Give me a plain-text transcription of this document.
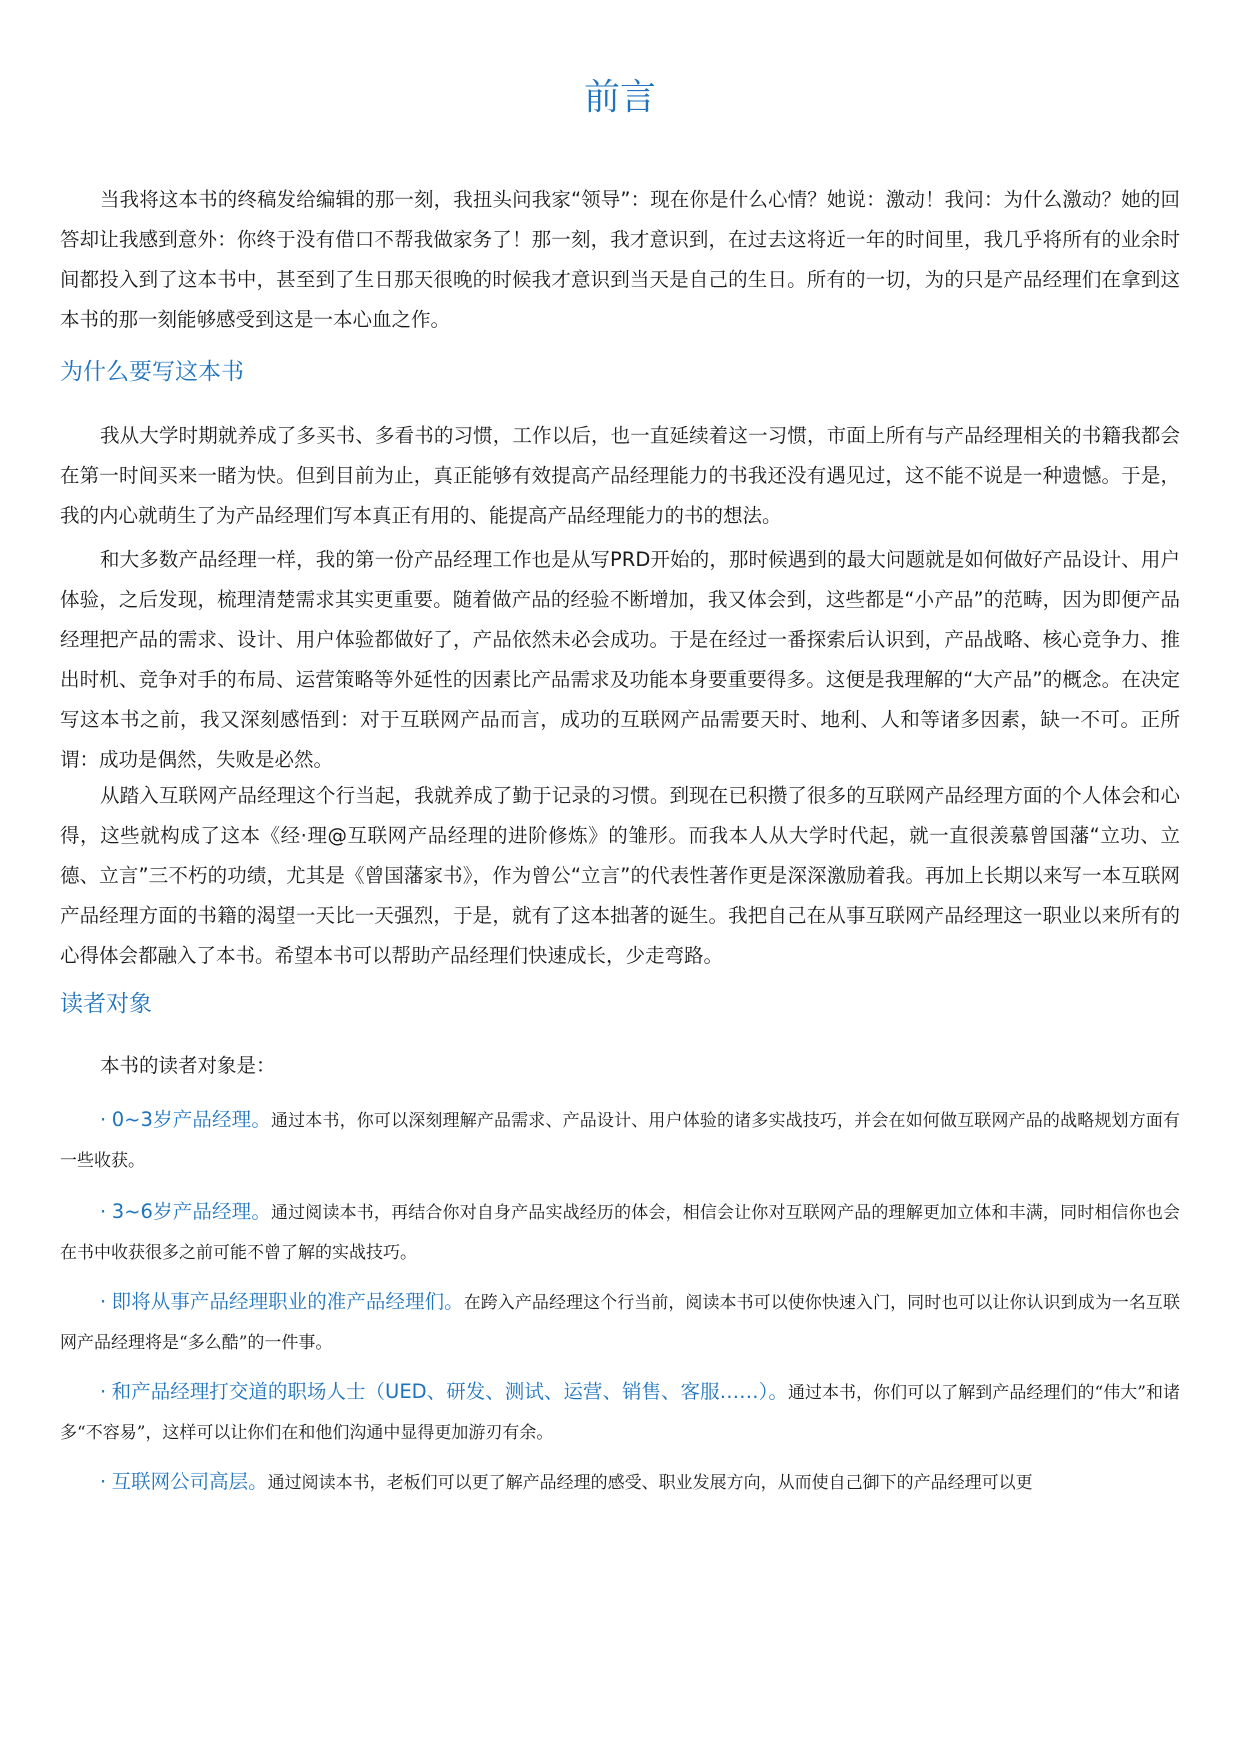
前言

当我将这本书的终稿发给编辑的那一刻，我扭头问我家“领导”：现在你是什么心情？她说：激动！我问：为什么激动？她的回答却让我感到意外：你终于没有借口不帮我做家务了！那一刻，我才意识到，在过去这将近一年的时间里，我几乎将所有的业余时间都投入到了这本书中，甚至到了生日那天很晚的时候我才意识到当天是自己的生日。所有的一切，为的只是产品经理们在拿到这本书的那一刻能够感受到这是一本心血之作。

为什么要写这本书

我从大学时期就养成了多买书、多看书的习惯，工作以后，也一直延续着这一习惯，市面上所有与产品经理相关的书籍我都会在第一时间买来一睹为快。但到目前为止，真正能够有效提高产品经理能力的书我还没有遇见过，这不能不说是一种遗憾。于是，我的内心就萌生了为产品经理们写本真正有用的、能提高产品经理能力的书的想法。

和大多数产品经理一样，我的第一份产品经理工作也是从写PRD开始的，那时候遇到的最大问题就是如何做好产品设计、用户体验，之后发现，梳理清楚需求其实更重要。随着做产品的经验不断增加，我又体会到，这些都是“小产品”的范畴，因为即便产品经理把产品的需求、设计、用户体验都做好了，产品依然未必会成功。于是在经过一番探索后认识到，产品战略、核心竞争力、推出时机、竞争对手的布局、运营策略等外延性的因素比产品需求及功能本身要重要得多。这便是我理解的“大产品”的概念。在决定写这本书之前，我又深刻感悟到：对于互联网产品而言，成功的互联网产品需要天时、地利、人和等诸多因素，缺一不可。正所谓：成功是偶然，失败是必然。

从踏入互联网产品经理这个行当起，我就养成了勤于记录的习惯。到现在已积攒了很多的互联网产品经理方面的个人体会和心得，这些就构成了这本《经·理@互联网产品经理的进阶修炼》的雏形。而我本人从大学时代起，就一直很羡慕曾国藩“立功、立德、立言”三不朽的功绩，尤其是《曾国藩家书》，作为曾公“立言”的代表性著作更是深深激励着我。再加上长期以来写一本互联网产品经理方面的书籍的渴望一天比一天强烈，于是，就有了这本拙著的诞生。我把自己在从事互联网产品经理这一职业以来所有的心得体会都融入了本书。希望本书可以帮助产品经理们快速成长，少走弯路。

读者对象

本书的读者对象是：

· 0~3岁产品经理。通过本书，你可以深刻理解产品需求、产品设计、用户体验的诸多实战技巧，并会在如何做互联网产品的战略规划方面有一些收获。

· 3~6岁产品经理。通过阅读本书，再结合你对自身产品实战经历的体会，相信会让你对互联网产品的理解更加立体和丰满，同时相信你也会在书中收获很多之前可能不曾了解的实战技巧。

· 即将从事产品经理职业的准产品经理们。在跨入产品经理这个行当前，阅读本书可以使你快速入门，同时也可以让你认识到成为一名互联网产品经理将是“多么酷”的一件事。

· 和产品经理打交道的职场人士（UED、研发、测试、运营、销售、客服……）。通过本书，你们可以了解到产品经理们的“伟大”和诸多“不容易”，这样可以让你们在和他们沟通中显得更加游刃有余。

· 互联网公司高层。通过阅读本书，老板们可以更了解产品经理的感受、职业发展方向，从而使自己御下的产品经理可以更
